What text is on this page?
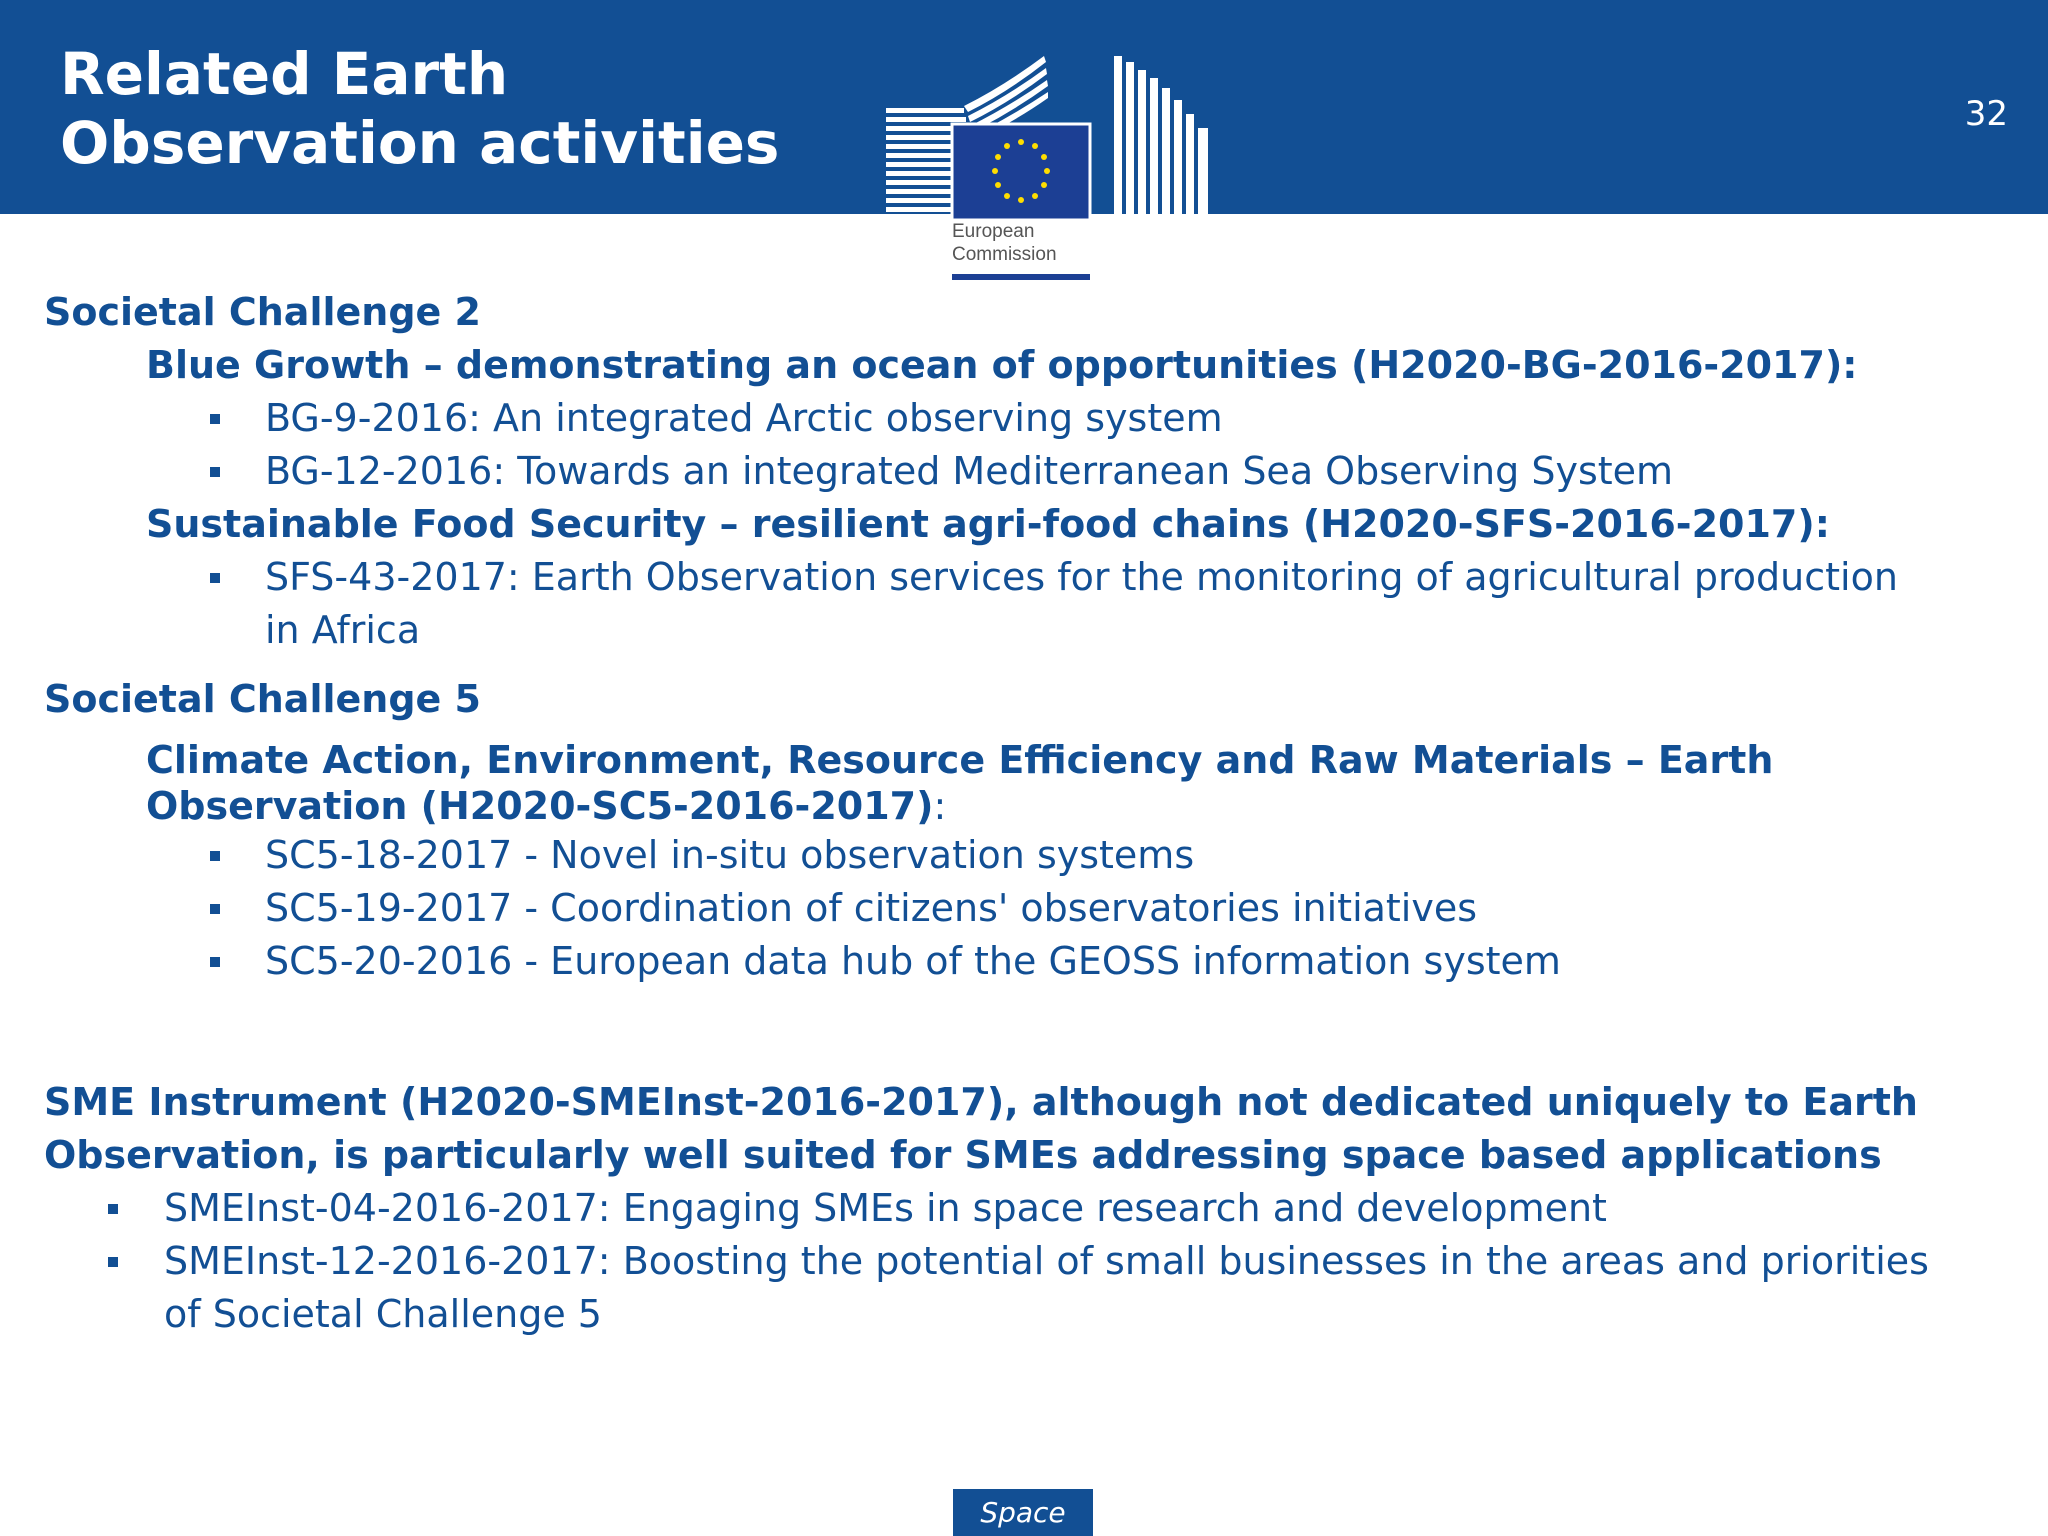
Related Earth
Observation activities	32
European
Commission
Societal Challenge 2
Blue Growth – demonstrating an ocean of opportunities (H2020-BG-2016-2017):
BG-9-2016: An integrated Arctic observing system
BG-12-2016: Towards an integrated Mediterranean Sea Observing System
Sustainable Food Security – resilient agri-food chains (H2020-SFS-2016-2017):
SFS-43-2017: Earth Observation services for the monitoring of agricultural production
in Africa
Societal Challenge 5
Climate Action, Environment, Resource Efficiency and Raw Materials – Earth
Observation (H2020-SC5-2016-2017):
SC5-18-2017 - Novel in-situ observation systems
SC5-19-2017 - Coordination of citizens' observatories initiatives
SC5-20-2016 - European data hub of the GEOSS information system
SME Instrument (H2020-SMEInst-2016-2017), although not dedicated uniquely to Earth
Observation, is particularly well suited for SMEs addressing space based applications
SMEInst-04-2016-2017: Engaging SMEs in space research and development
SMEInst-12-2016-2017: Boosting the potential of small businesses in the areas and priorities
of Societal Challenge 5
Space
